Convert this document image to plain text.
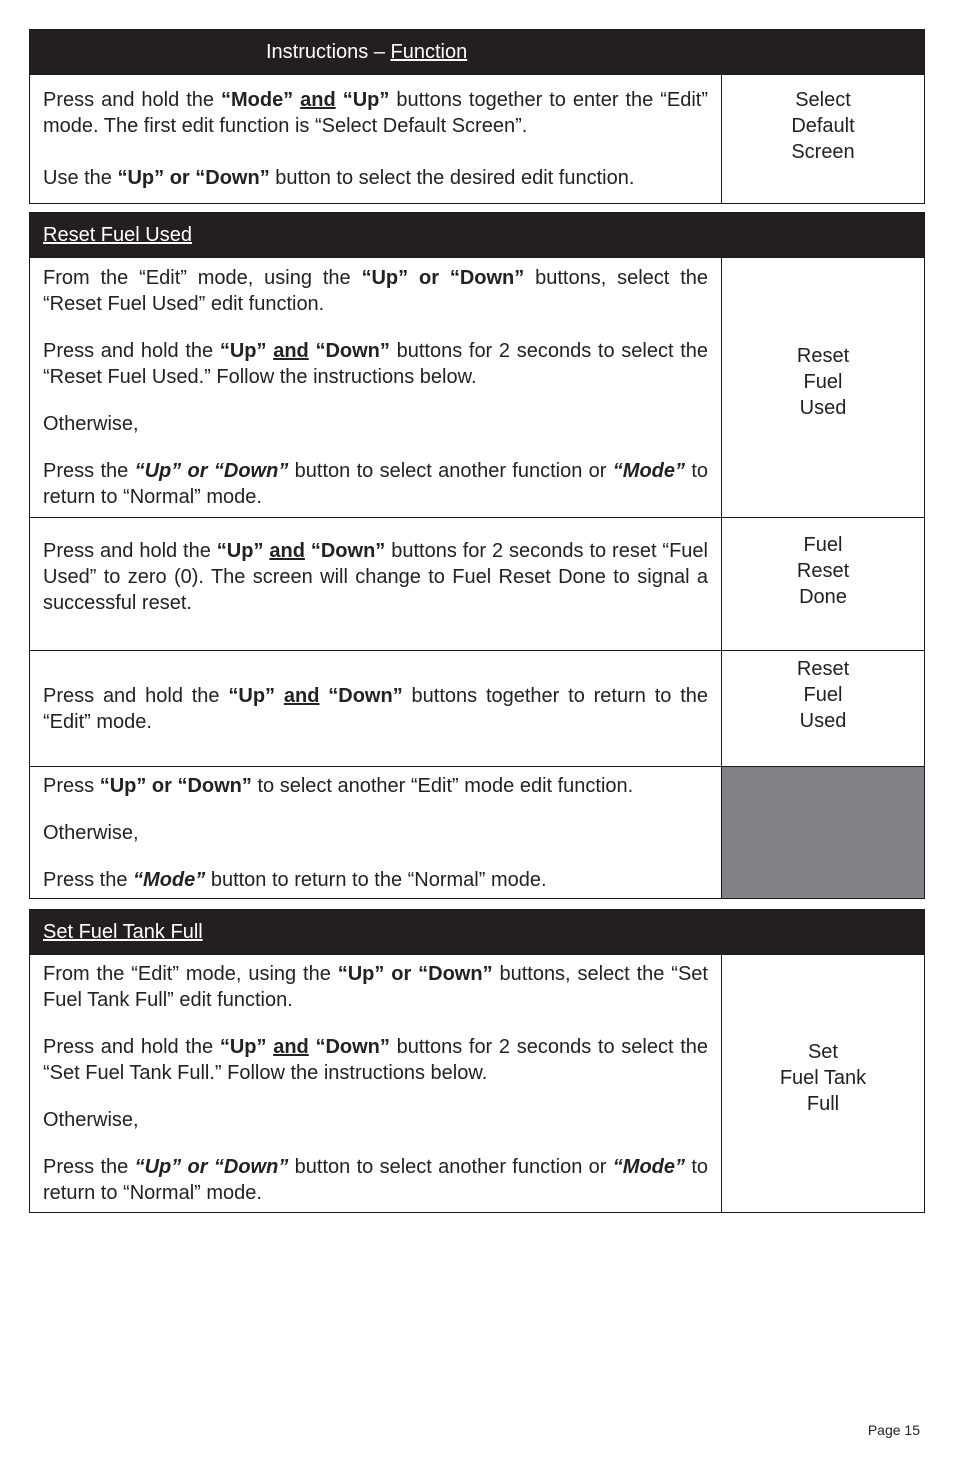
Instructions – Function

Press and hold the “Mode” and “Up” buttons together to enter the “Edit” mode. The first edit function is “Select Default Screen”.

Use the “Up” or “Down” button to select the desired edit function.

Select
Default
Screen
Reset Fuel Used

From the “Edit” mode, using the “Up” or “Down” buttons, select the “Reset Fuel Used” edit function.

Press and hold the “Up” and “Down” buttons for 2 seconds to select the “Reset Fuel Used.” Follow the instructions below.

Otherwise,

Press the “Up” or “Down” button to select another function or “Mode” to return to “Normal” mode.

Reset
Fuel
Used

Press and hold the “Up” and “Down” buttons for 2 seconds to reset “Fuel Used” to zero (0). The screen will change to Fuel Reset Done to signal a successful reset.

Fuel
Reset
Done

Press and hold the “Up” and “Down” buttons together to return to the “Edit” mode.

Reset
Fuel
Used

Press “Up” or “Down” to select another “Edit” mode edit function.

Otherwise,

Press the “Mode” button to return to the “Normal” mode.

Set Fuel Tank Full

From the “Edit” mode, using the “Up” or “Down” buttons, select the “Set Fuel Tank Full” edit function.

Press and hold the “Up” and “Down” buttons for 2 seconds to select the “Set Fuel Tank Full.” Follow the instructions below.

Otherwise,

Press the “Up” or “Down” button to select another function or “Mode” to return to “Normal” mode.

Set
Fuel Tank
Full
Page 15
